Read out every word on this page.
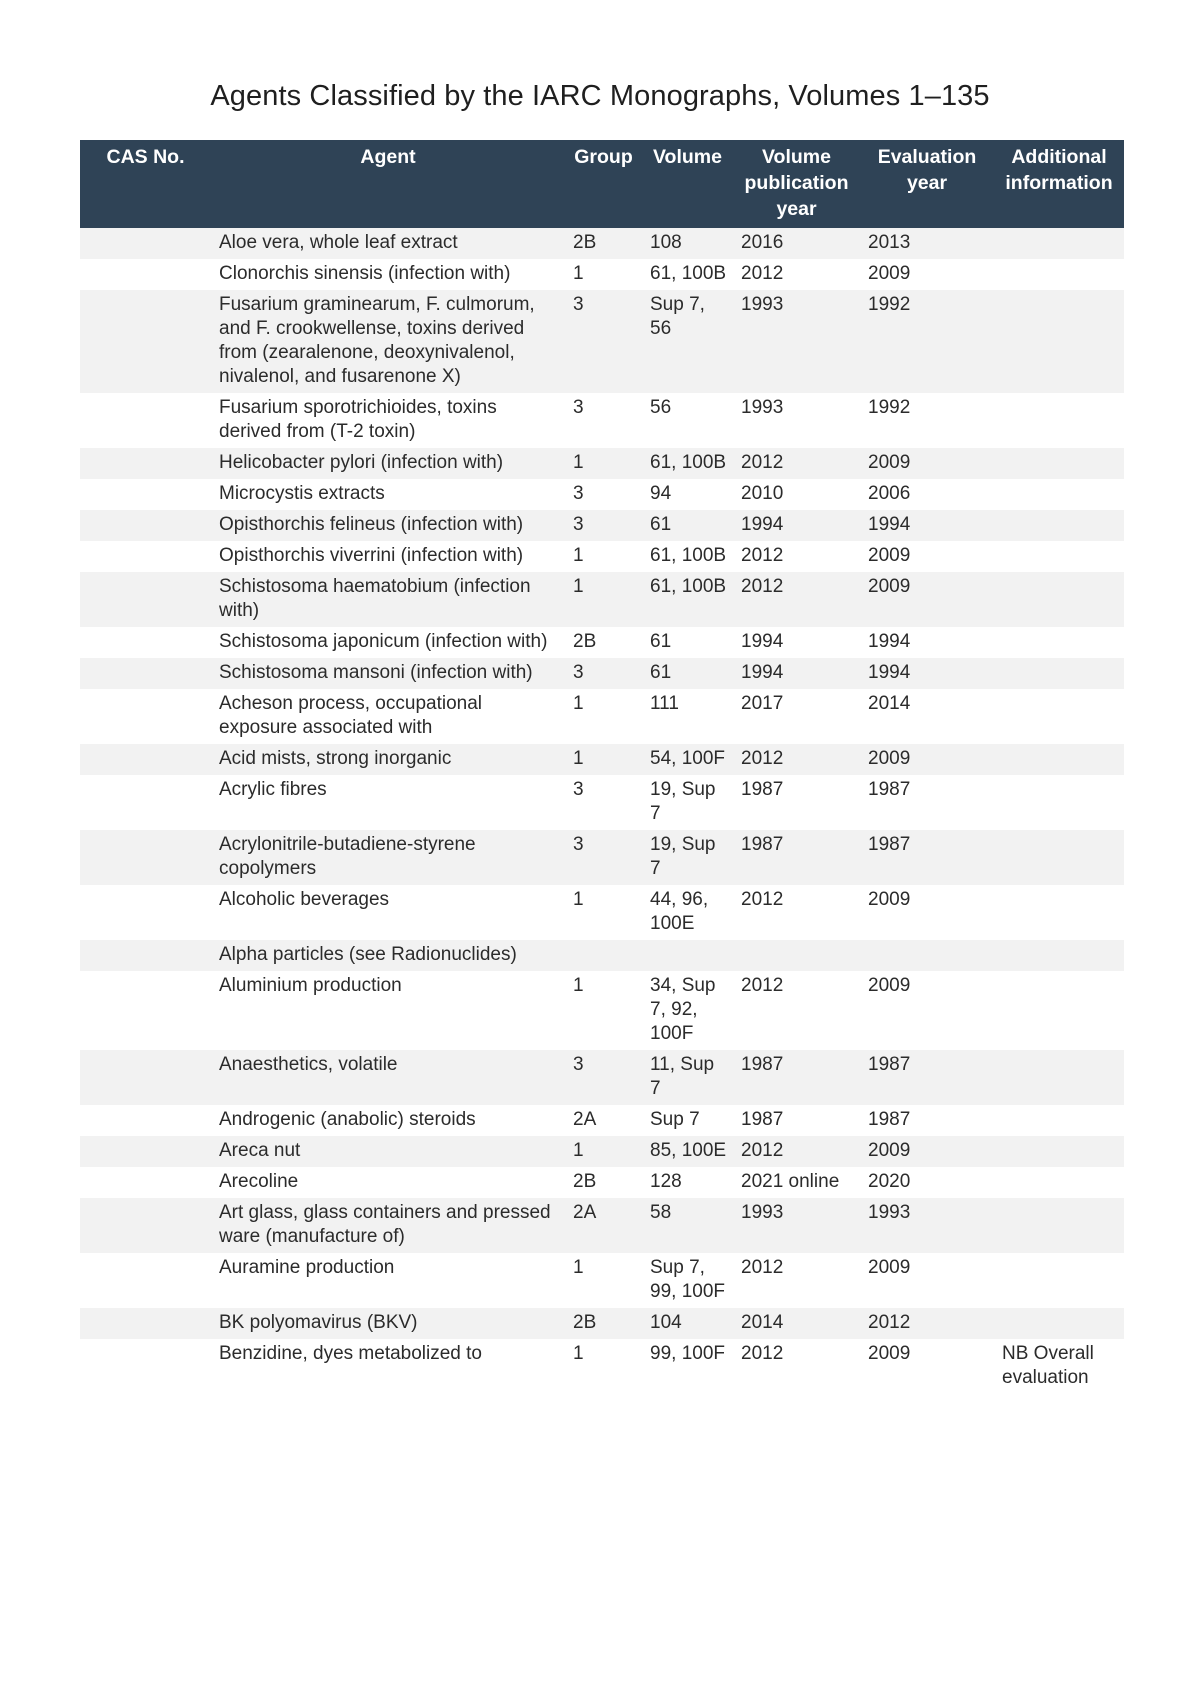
Agents Classified by the IARC Monographs, Volumes 1–135
CAS No.	Agent	Group	Volume	Volume publication year	Evaluation year	Additional information
	Aloe vera, whole leaf extract	2B	108	2016	2013	
	Clonorchis sinensis (infection with)	1	61, 100B	2012	2009	
	Fusarium graminearum, F. culmorum, and F. crookwellense, toxins derived from (zearalenone, deoxynivalenol, nivalenol, and fusarenone X)	3	Sup 7, 56	1993	1992	
	Fusarium sporotrichioides, toxins derived from (T-2 toxin)	3	56	1993	1992	
	Helicobacter pylori (infection with)	1	61, 100B	2012	2009	
	Microcystis extracts	3	94	2010	2006	
	Opisthorchis felineus (infection with)	3	61	1994	1994	
	Opisthorchis viverrini (infection with)	1	61, 100B	2012	2009	
	Schistosoma haematobium (infection with)	1	61, 100B	2012	2009	
	Schistosoma japonicum (infection with)	2B	61	1994	1994	
	Schistosoma mansoni (infection with)	3	61	1994	1994	
	Acheson process, occupational exposure associated with	1	111	2017	2014	
	Acid mists, strong inorganic	1	54, 100F	2012	2009	
	Acrylic fibres	3	19, Sup 7	1987	1987	
	Acrylonitrile-butadiene-styrene copolymers	3	19, Sup 7	1987	1987	
	Alcoholic beverages	1	44, 96, 100E	2012	2009	
	Alpha particles (see Radionuclides)					
	Aluminium production	1	34, Sup 7, 92, 100F	2012	2009	
	Anaesthetics, volatile	3	11, Sup 7	1987	1987	
	Androgenic (anabolic) steroids	2A	Sup 7	1987	1987	
	Areca nut	1	85, 100E	2012	2009	
	Arecoline	2B	128	2021 online	2020	
	Art glass, glass containers and pressed ware (manufacture of)	2A	58	1993	1993	
	Auramine production	1	Sup 7, 99, 100F	2012	2009	
	BK polyomavirus (BKV)	2B	104	2014	2012	
	Benzidine, dyes metabolized to	1	99, 100F	2012	2009	NB Overall evaluation
